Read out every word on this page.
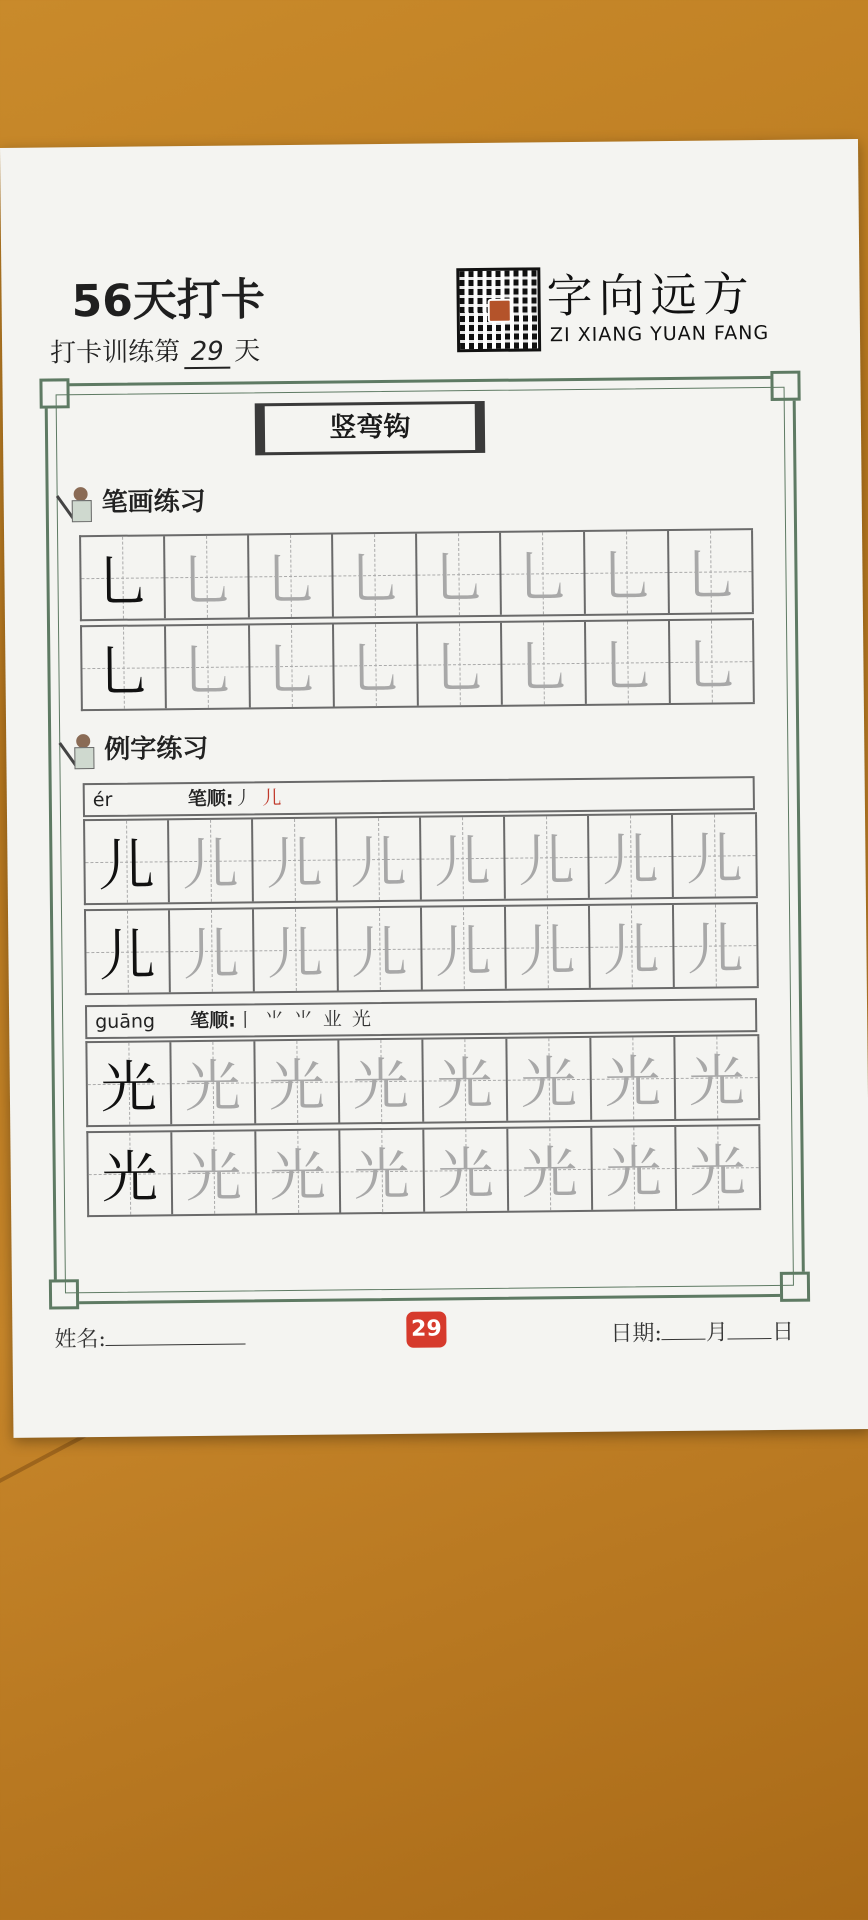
56天打卡
打卡训练第 29 天
字向远方
ZI XIANG YUAN FANG
竖弯钩
笔画练习
乚 乚 乚 乚 乚 乚 乚 乚
乚 乚 乚 乚 乚 乚 乚 乚
例字练习
ér	笔顺:丿 儿
儿 儿 儿 儿 儿 儿 儿 儿
儿 儿 儿 儿 儿 儿 儿 儿
guāng 笔顺:丨 ⺌ ⺌ 业 光
光 光 光 光 光 光 光 光
光 光 光 光 光 光 光 光
姓名:	29	日期: 月 日
